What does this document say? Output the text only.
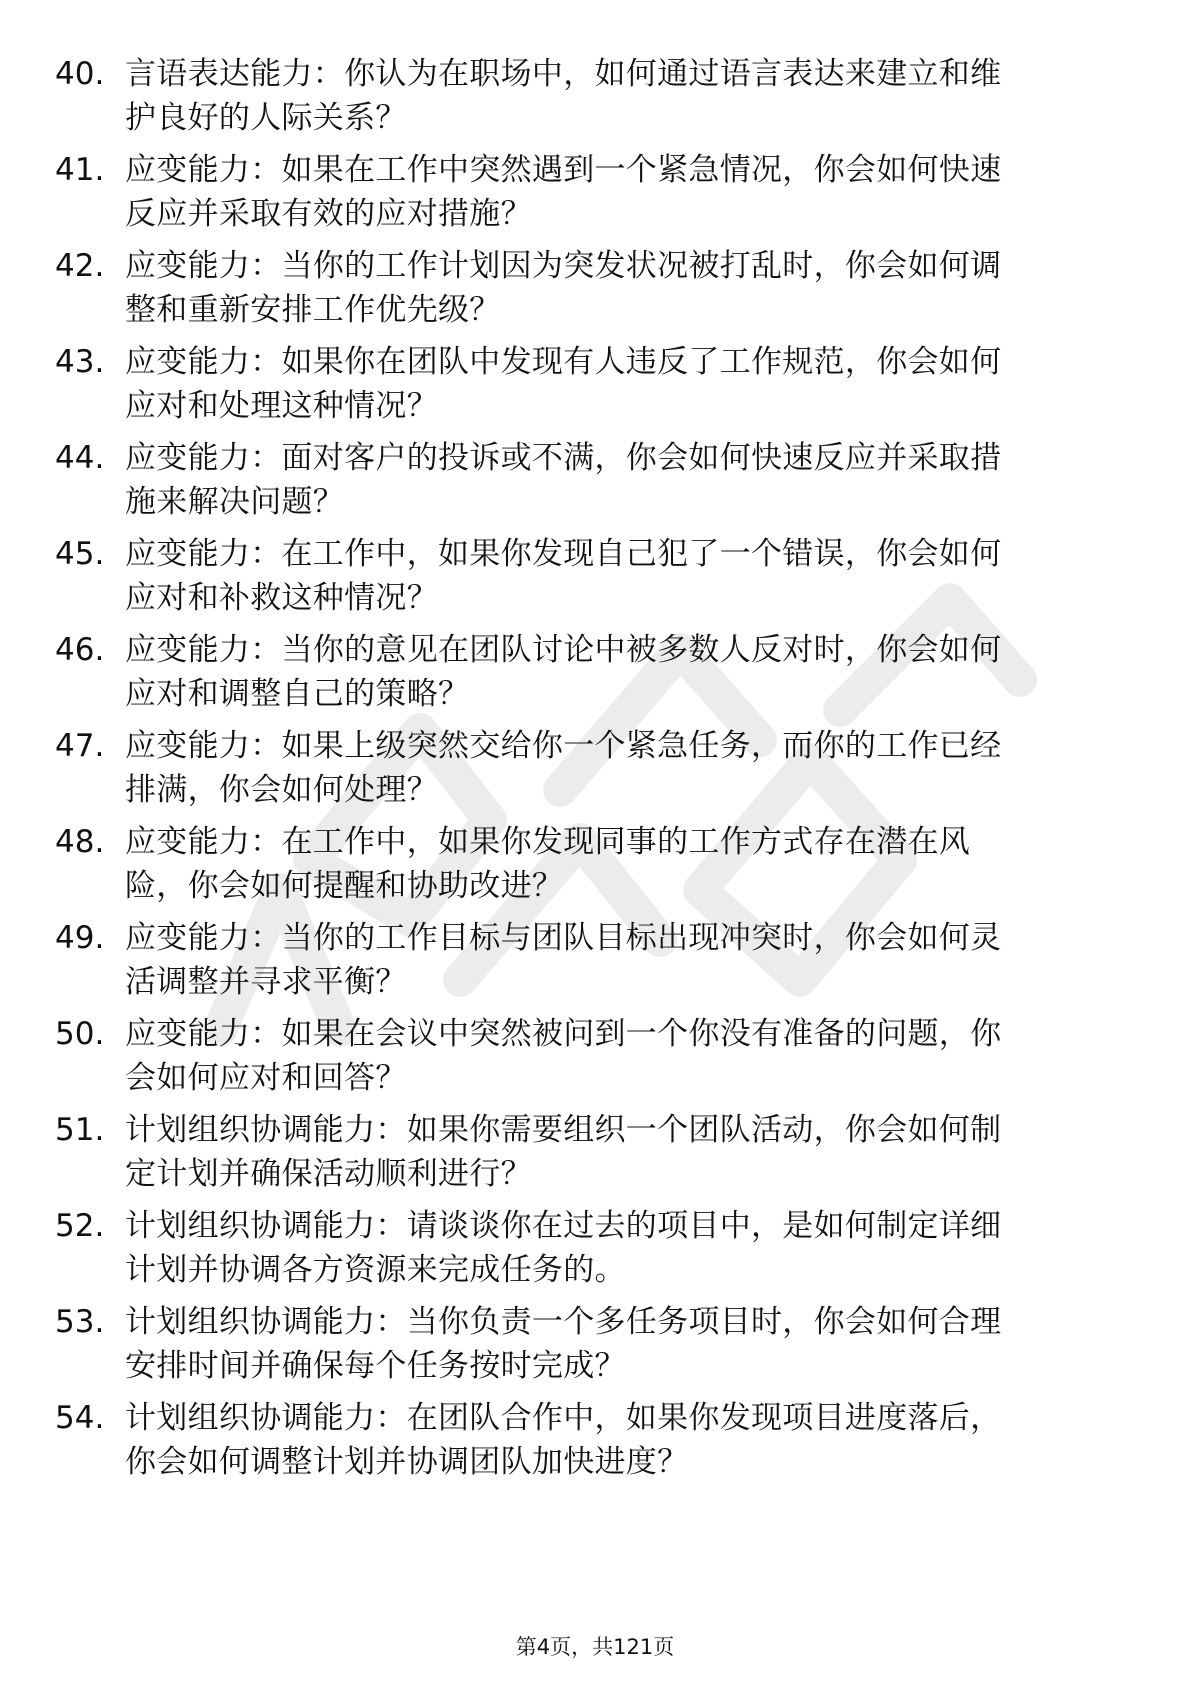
职业资料库
40. 言语表达能力：你认为在职场中，如何通过语言表达来建立和维
护良好的人际关系？
41. 应变能力：如果在工作中突然遇到一个紧急情况，你会如何快速
反应并采取有效的应对措施？
42. 应变能力：当你的工作计划因为突发状况被打乱时，你会如何调
整和重新安排工作优先级？
43. 应变能力：如果你在团队中发现有人违反了工作规范，你会如何
应对和处理这种情况？
44. 应变能力：面对客户的投诉或不满，你会如何快速反应并采取措
施来解决问题？
45. 应变能力：在工作中，如果你发现自己犯了一个错误，你会如何
应对和补救这种情况？
46. 应变能力：当你的意见在团队讨论中被多数人反对时，你会如何
应对和调整自己的策略？
47. 应变能力：如果上级突然交给你一个紧急任务，而你的工作已经
排满，你会如何处理？
48. 应变能力：在工作中，如果你发现同事的工作方式存在潜在风
险，你会如何提醒和协助改进？
49. 应变能力：当你的工作目标与团队目标出现冲突时，你会如何灵
活调整并寻求平衡？
50. 应变能力：如果在会议中突然被问到一个你没有准备的问题，你
会如何应对和回答？
51. 计划组织协调能力：如果你需要组织一个团队活动，你会如何制
定计划并确保活动顺利进行？
52. 计划组织协调能力：请谈谈你在过去的项目中，是如何制定详细
计划并协调各方资源来完成任务的。
53. 计划组织协调能力：当你负责一个多任务项目时，你会如何合理
安排时间并确保每个任务按时完成？
54. 计划组织协调能力：在团队合作中，如果你发现项目进度落后，
你会如何调整计划并协调团队加快进度？
第4页，共121页
